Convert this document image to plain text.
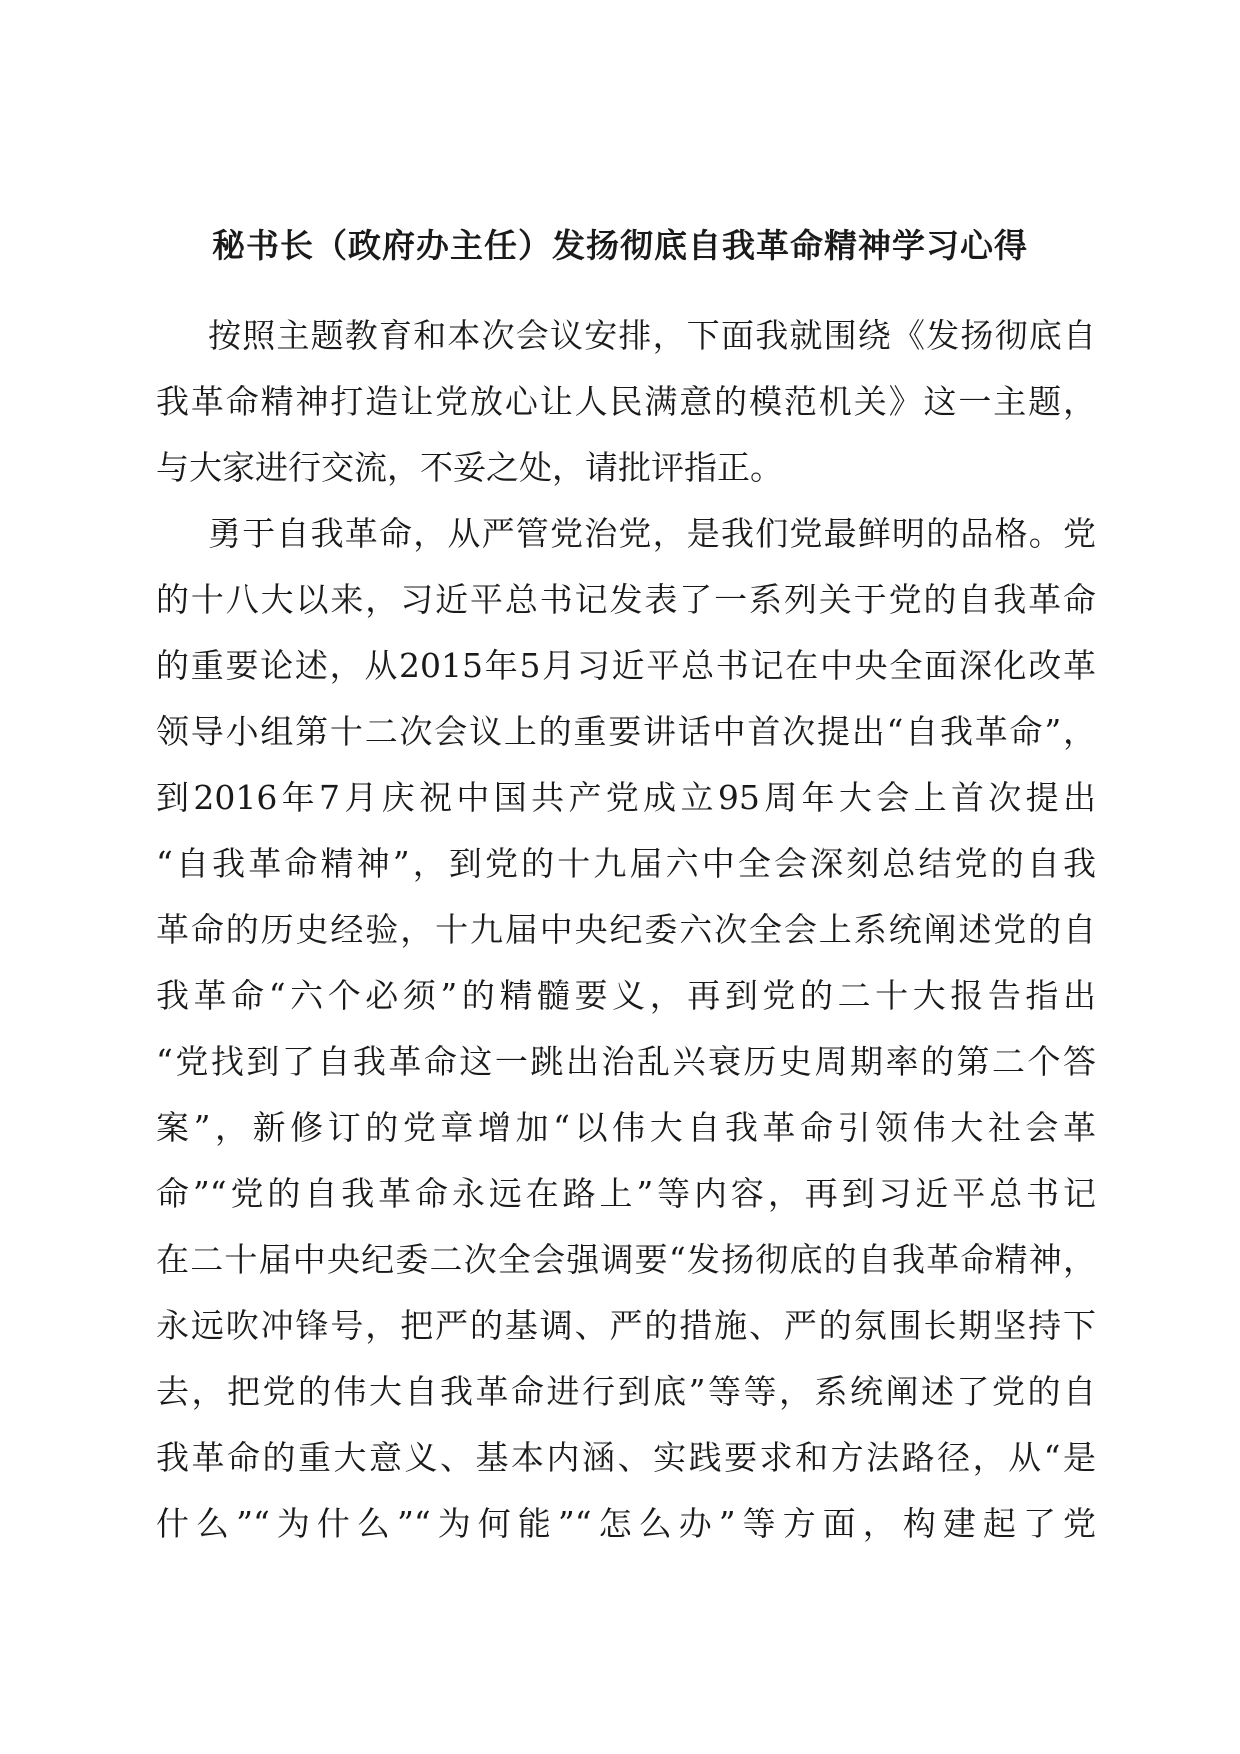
秘书长（政府办主任）发扬彻底自我革命精神学习心得
按照主题教育和本次会议安排，下面我就围绕《发扬彻底自
我革命精神打造让党放心让人民满意的模范机关》这一主题，
与大家进行交流，不妥之处，请批评指正。
勇于自我革命，从严管党治党，是我们党最鲜明的品格。党
的十八大以来，习近平总书记发表了一系列关于党的自我革命
的重要论述，从2015年5月习近平总书记在中央全面深化改革
领导小组第十二次会议上的重要讲话中首次提出“自我革命”，
到2016年7月庆祝中国共产党成立95周年大会上首次提出
“自我革命精神”，到党的十九届六中全会深刻总结党的自我
革命的历史经验，十九届中央纪委六次全会上系统阐述党的自
我革命“六个必须”的精髓要义，再到党的二十大报告指出
“党找到了自我革命这一跳出治乱兴衰历史周期率的第二个答
案”，新修订的党章增加“以伟大自我革命引领伟大社会革
命”“党的自我革命永远在路上”等内容，再到习近平总书记
在二十届中央纪委二次全会强调要“发扬彻底的自我革命精神，
永远吹冲锋号，把严的基调、严的措施、严的氛围长期坚持下
去，把党的伟大自我革命进行到底”等等，系统阐述了党的自
我革命的重大意义、基本内涵、实践要求和方法路径，从“是
什么”“为什么”“为何能”“怎么办”等方面，构建起了党
